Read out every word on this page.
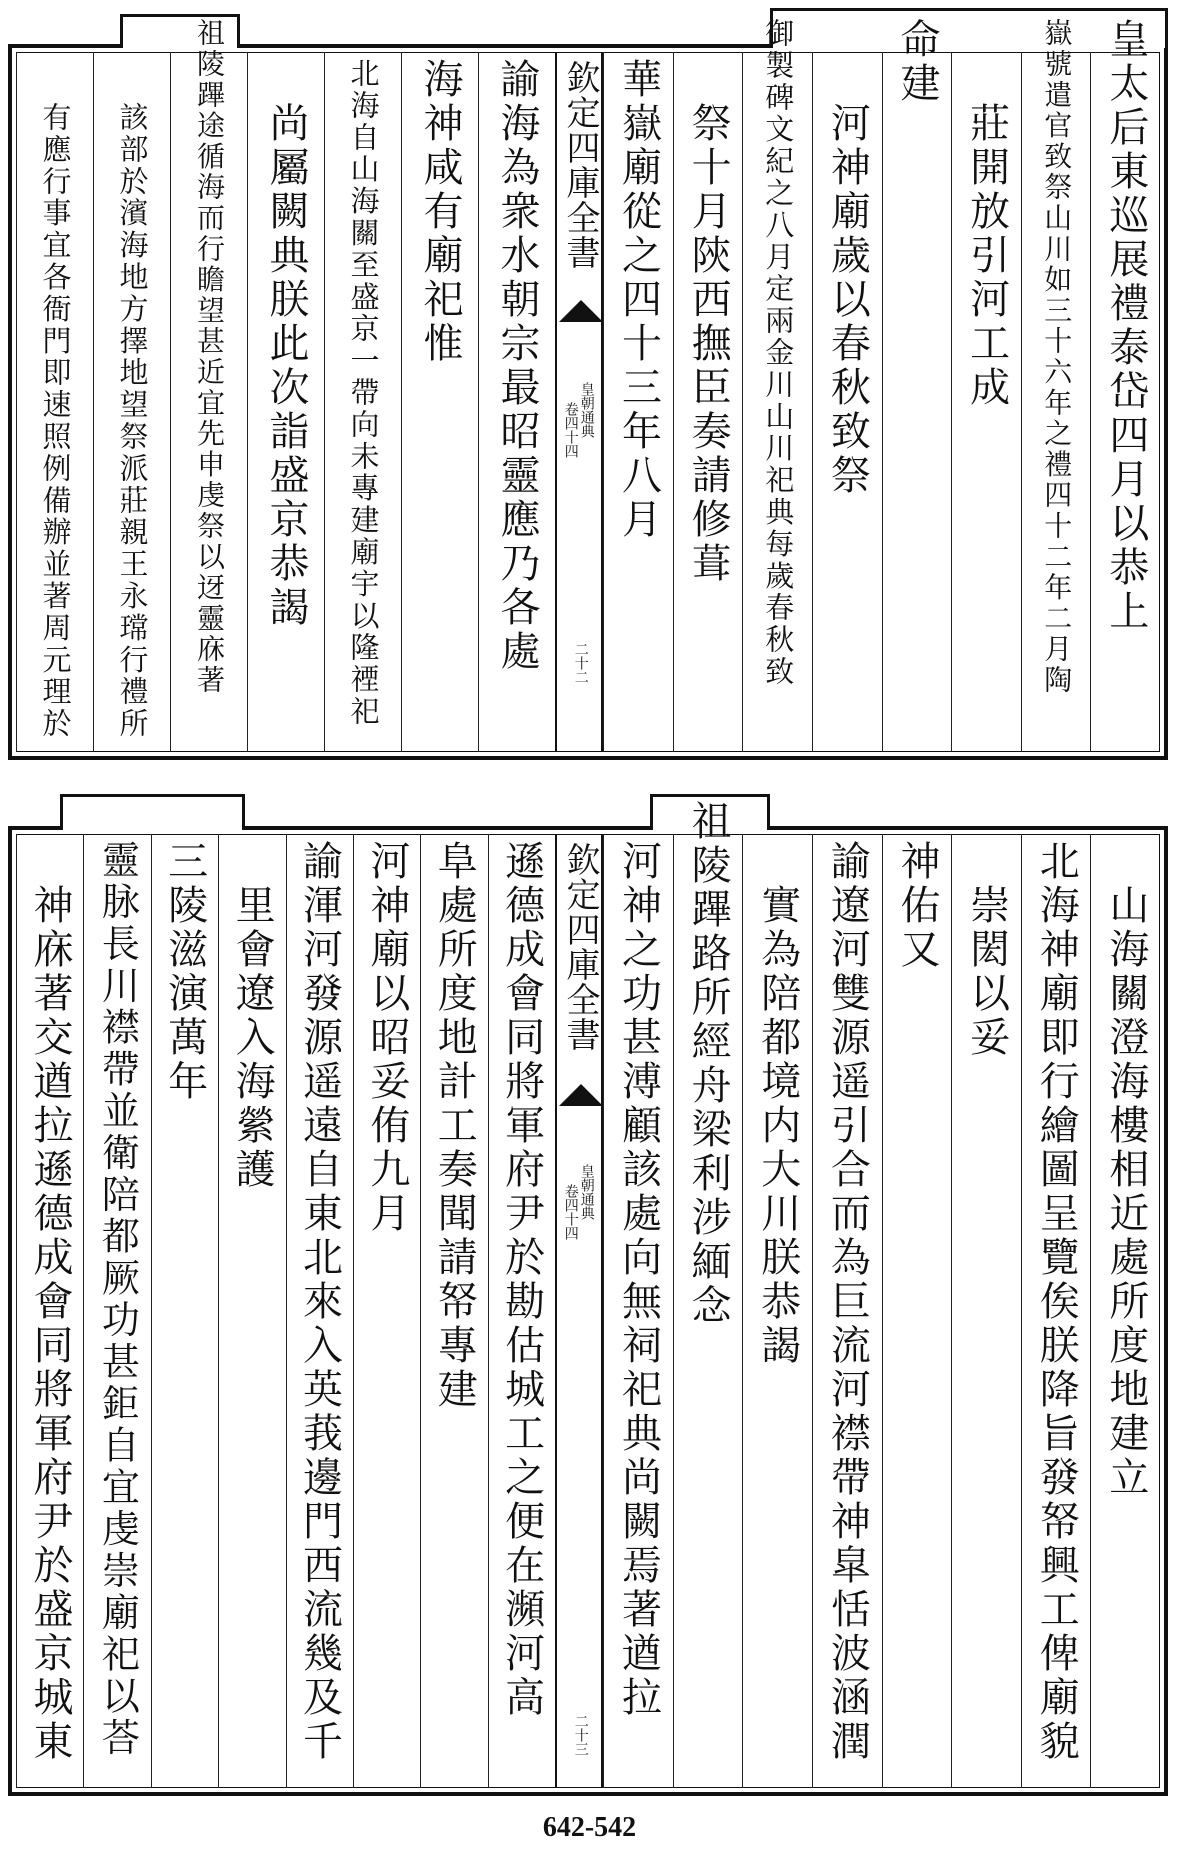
皇太后東巡展禮泰岱四月以恭上
嶽號遣官致祭山川如三十六年之禮四十二年二月陶
莊開放引河工成
命建
河神廟歲以春秋致祭
御製碑文紀之八月定兩金川山川祀典每歲春秋致
祭十月陝西撫臣奏請修葺
華嶽廟從之四十三年八月
諭海為衆水朝宗最昭靈應乃各處
海神咸有廟祀惟
北海自山海關至盛京一帶向未專建廟宇以隆禋祀
尚屬闕典朕此次詣盛京恭謁
祖陵蹕途循海而行瞻望甚近宜先申虔祭以迓靈庥著
該部於濱海地方擇地望祭派莊親王永瑺行禮所
有應行事宜各衙門即速照例備辦並著周元理於	欽定四庫全書
皇朝通典
卷四十四
二十二
山海關澄海樓相近處所度地建立
北海神廟即行繪圖呈覽俟朕降旨發帑興工俾廟貌
崇閎以妥
神佑又
諭遼河雙源遥引合而為巨流河襟帶神皐恬波涵潤
實為陪都境内大川朕恭謁
祖陵蹕路所經舟梁利涉緬念
河神之功甚溥顧該處向無祠祀典尚闕焉著遒拉
遜德成會同將軍府尹於勘估城工之便在瀕河高
阜處所度地計工奏聞請帑專建
河神廟以昭妥侑九月
諭渾河發源遥遠自東北來入英莪邊門西流幾及千
里會遼入海縈護
三陵滋演萬年
靈脉長川襟帶並衛陪都厥功甚鉅自宜虔崇廟祀以荅
神庥著交遒拉遜德成會同將軍府尹於盛京城東	欽定四庫全書
皇朝通典
卷四十四
二十三
642-542
